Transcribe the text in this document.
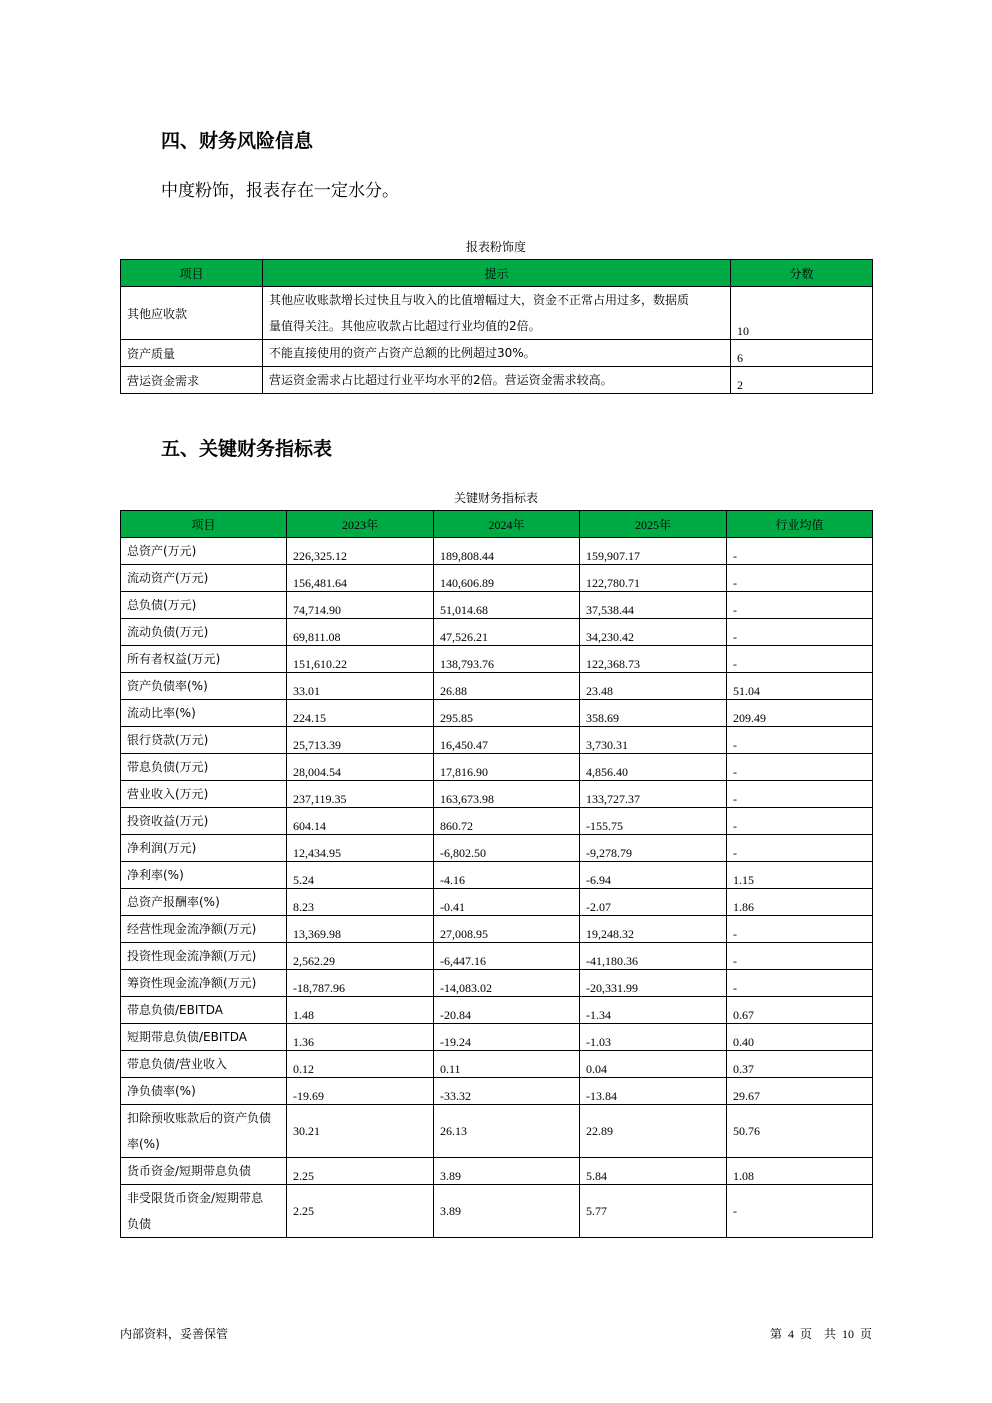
四、财务风险信息

中度粉饰，报表存在一定水分。

报表粉饰度
项目	提示	分数
其他应收款	其他应收账款增长过快且与收入的比值增幅过大，资金不正常占用过多，数据质
量值得关注。其他应收款占比超过行业均值的2倍。	10
资产质量	不能直接使用的资产占资产总额的比例超过30%。	6
营运资金需求	营运资金需求占比超过行业平均水平的2倍。营运资金需求较高。	2
五、关键财务指标表
关键财务指标表
项目	2023年	2024年	2025年	行业均值
总资产(万元)	226,325.12	189,808.44	159,907.17	-
流动资产(万元)	156,481.64	140,606.89	122,780.71	-
总负债(万元)	74,714.90	51,014.68	37,538.44	-
流动负债(万元)	69,811.08	47,526.21	34,230.42	-
所有者权益(万元)	151,610.22	138,793.76	122,368.73	-
资产负债率(%)	33.01	26.88	23.48	51.04
流动比率(%)	224.15	295.85	358.69	209.49
银行贷款(万元)	25,713.39	16,450.47	3,730.31	-
带息负债(万元)	28,004.54	17,816.90	4,856.40	-
营业收入(万元)	237,119.35	163,673.98	133,727.37	-
投资收益(万元)	604.14	860.72	-155.75	-
净利润(万元)	12,434.95	-6,802.50	-9,278.79	-
净利率(%)	5.24	-4.16	-6.94	1.15
总资产报酬率(%)	8.23	-0.41	-2.07	1.86
经营性现金流净额(万元)	13,369.98	27,008.95	19,248.32	-
投资性现金流净额(万元)	2,562.29	-6,447.16	-41,180.36	-
筹资性现金流净额(万元)	-18,787.96	-14,083.02	-20,331.99	-
带息负债/EBITDA	1.48	-20.84	-1.34	0.67
短期带息负债/EBITDA	1.36	-19.24	-1.03	0.40
带息负债/营业收入	0.12	0.11	0.04	0.37
净负债率(%)	-19.69	-33.32	-13.84	29.67
扣除预收账款后的资产负债
率(%)	30.21	26.13	22.89	50.76
货币资金/短期带息负债	2.25	3.89	5.84	1.08
非受限货币资金/短期带息
负债	2.25	3.89	5.77	-
内部资料，妥善保管	第 4 页　共 10 页
